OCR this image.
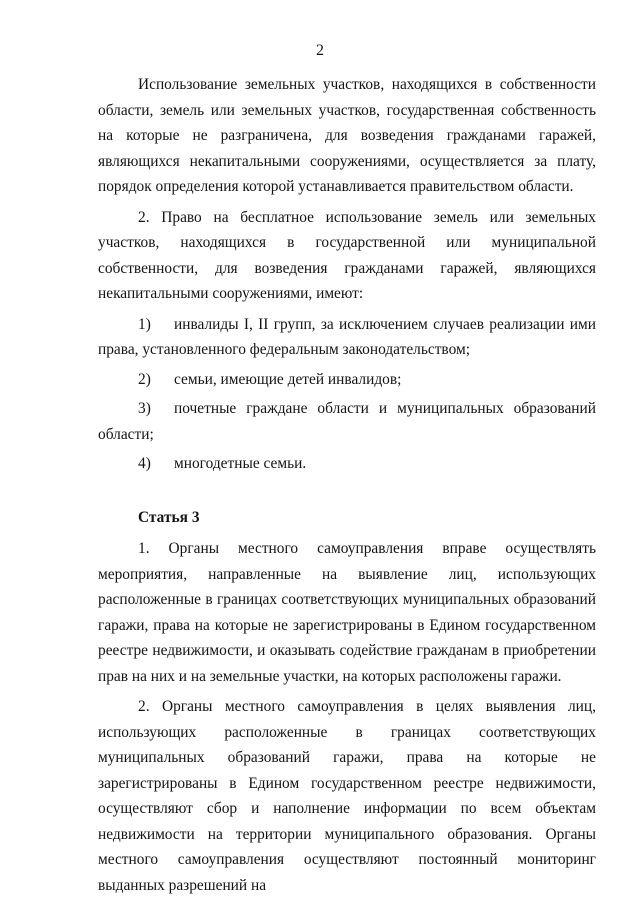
2

Использование земельных участков, находящихся в собственности области, земель или земельных участков, государственная собственность на которые не разграничена, для возведения гражданами гаражей, являющихся некапитальными сооружениями, осуществляется за плату, порядок определения которой устанавливается правительством области.

2. Право на бесплатное использование земель или земельных участков, находящихся в государственной или муниципальной собственности, для возведения гражданами гаражей, являющихся некапитальными сооружениями, имеют:

1) инвалиды I, II групп, за исключением случаев реализации ими права, установленного федеральным законодательством;
2) семьи, имеющие детей инвалидов;
3) почетные граждане области и муниципальных образований области;
4) многодетные семьи.
Статья 3

1. Органы местного самоуправления вправе осуществлять мероприятия, направленные на выявление лиц, использующих расположенные в границах соответствующих муниципальных образований гаражи, права на которые не зарегистрированы в Едином государственном реестре недвижимости, и оказывать содействие гражданам в приобретении прав на них и на земельные участки, на которых расположены гаражи.

2. Органы местного самоуправления в целях выявления лиц, использующих расположенные в границах соответствующих муниципальных образований гаражи, права на которые не зарегистрированы в Едином государственном реестре недвижимости, осуществляют сбор и наполнение информации по всем объектам недвижимости на территории муниципального образования. Органы местного самоуправления осуществляют постоянный мониторинг выданных разрешений на
